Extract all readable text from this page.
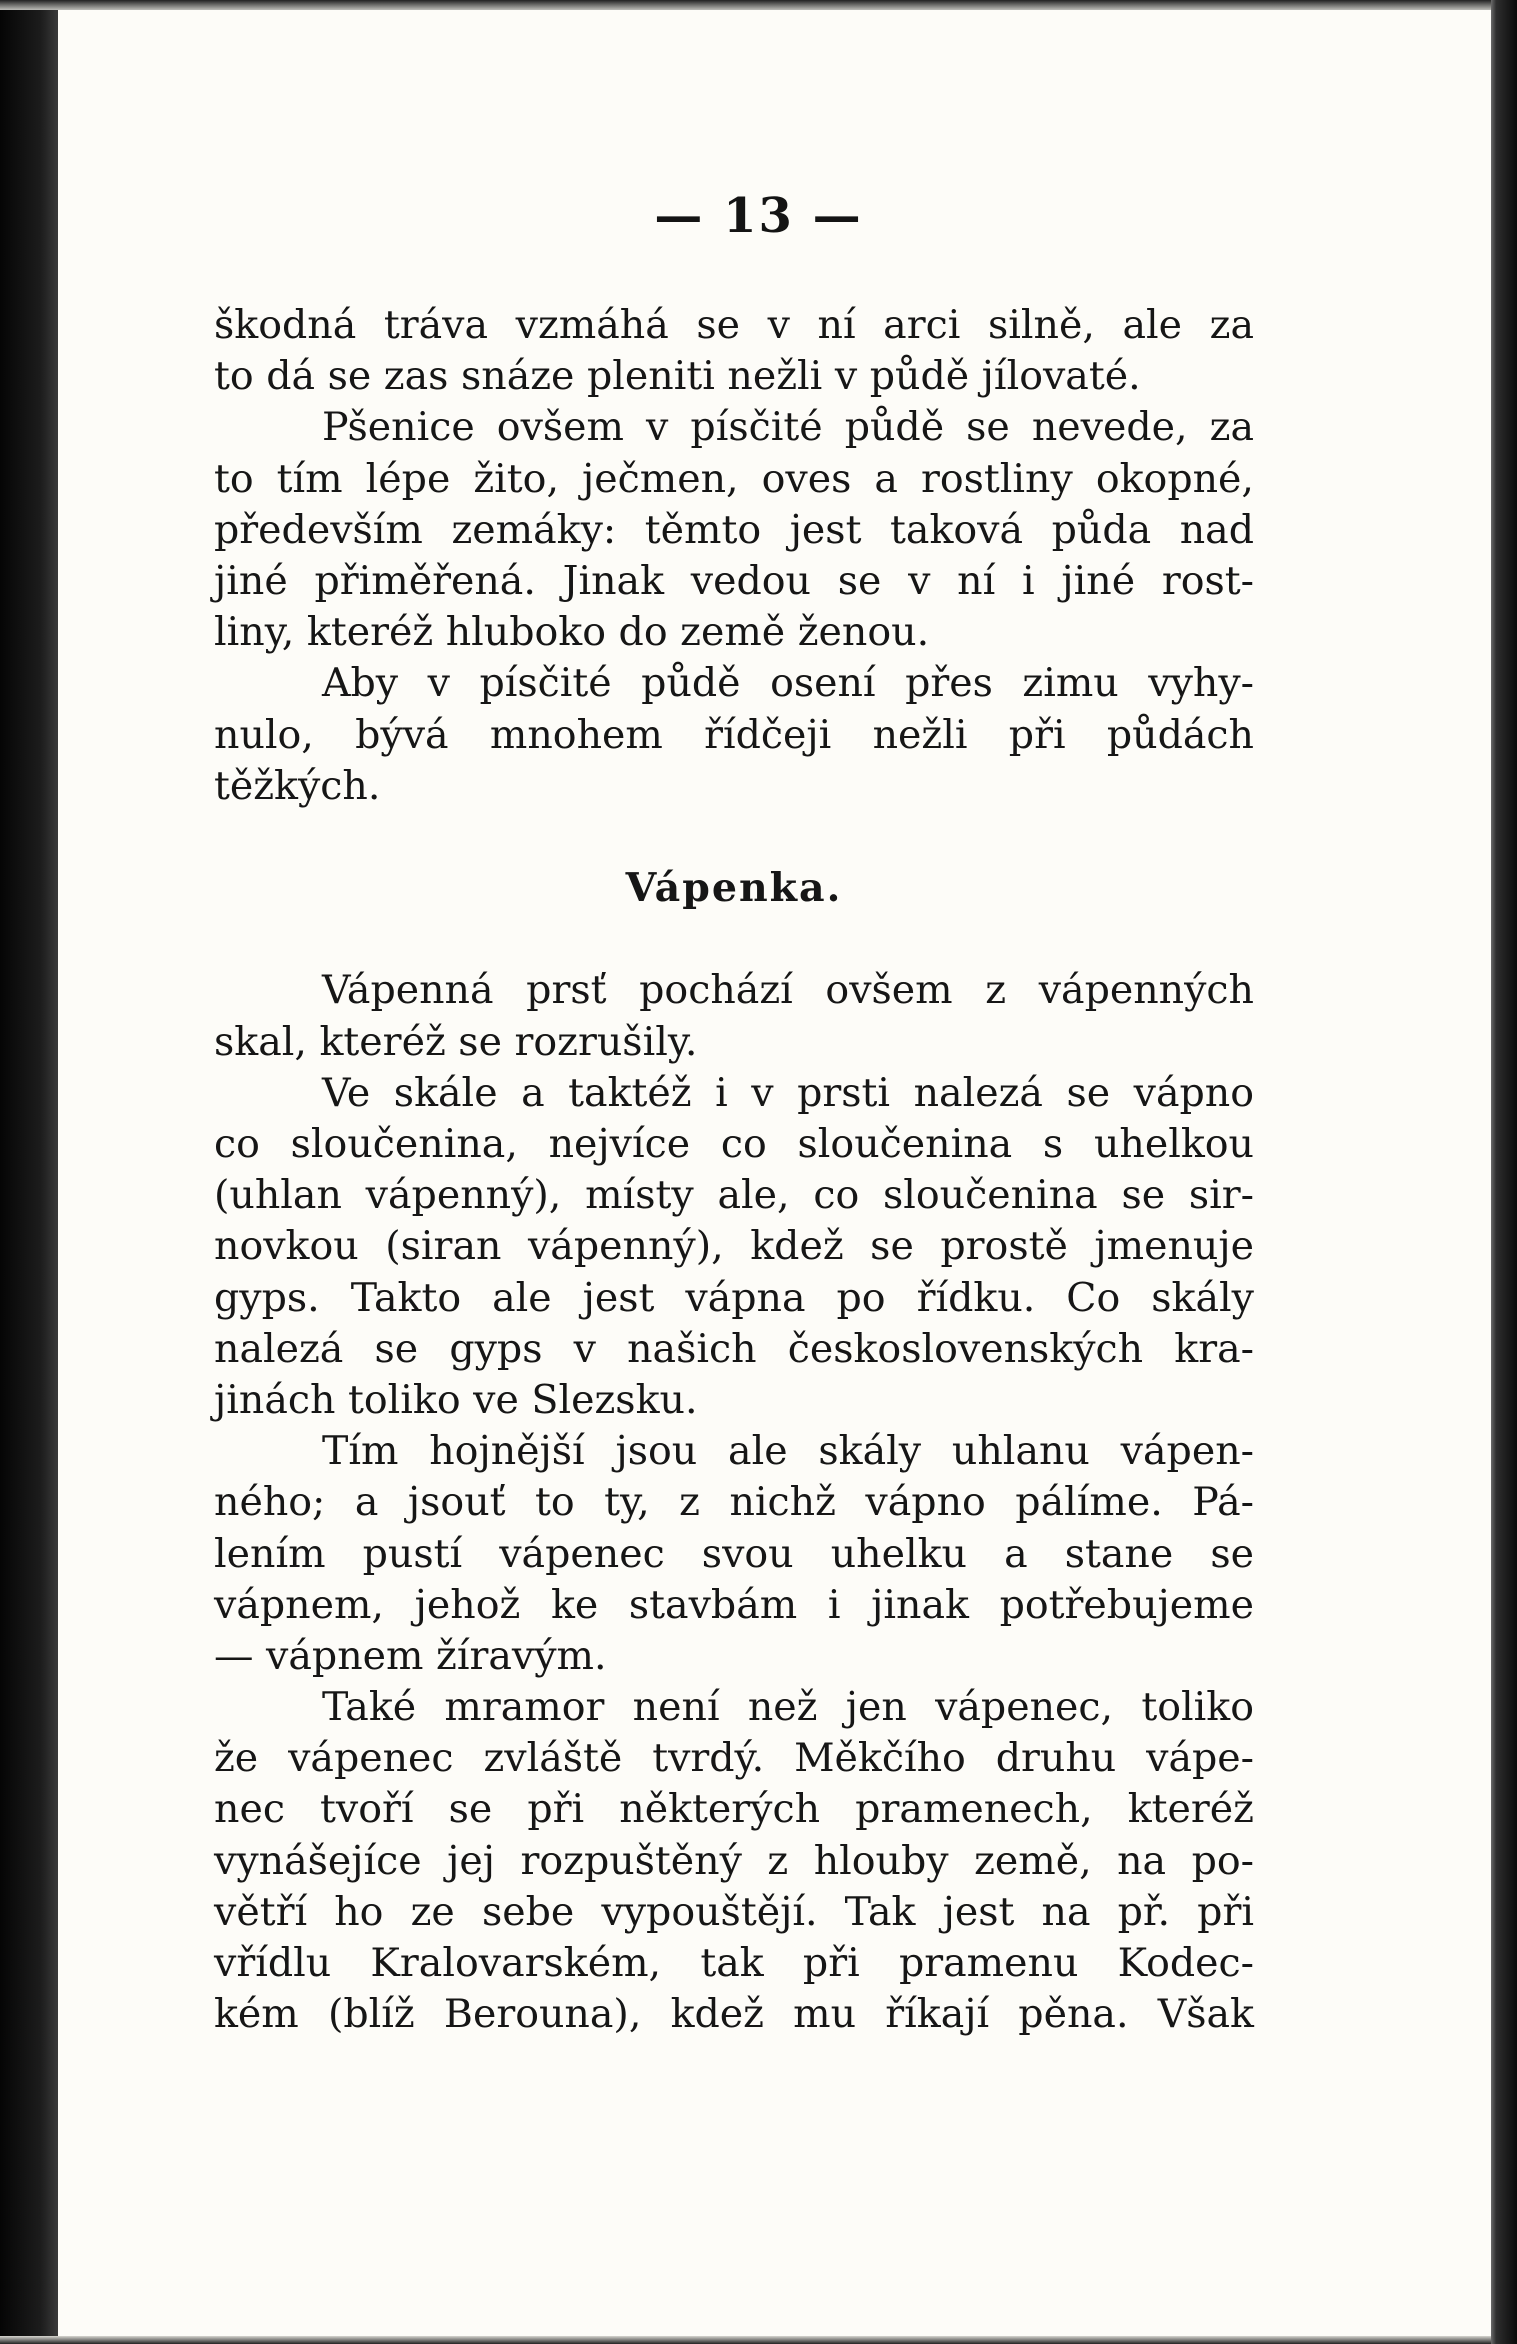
— 13 —
škodná tráva vzmáhá se v ní arci silně, ale za
to dá se zas snáze pleniti nežli v půdě jílovaté.
Pšenice ovšem v písčité půdě se nevede, za
to tím lépe žito, ječmen, oves a rostliny okopné,
především zemáky: těmto jest taková půda nad
jiné přiměřená. Jinak vedou se v ní i jiné rost-
liny, kteréž hluboko do země ženou.
Aby v písčité půdě osení přes zimu vyhy-
nulo, bývá mnohem řídčeji nežli při půdách
těžkých.
Vápenka.
Vápenná prsť pochází ovšem z vápenných
skal, kteréž se rozrušily.
Ve skále a taktéž i v prsti nalezá se vápno
co sloučenina, nejvíce co sloučenina s uhelkou
(uhlan vápenný), místy ale, co sloučenina se sir-
novkou (siran vápenný), kdež se prostě jmenuje
gyps. Takto ale jest vápna po řídku. Co skály
nalezá se gyps v našich československých kra-
jinách toliko ve Slezsku.
Tím hojnější jsou ale skály uhlanu vápen-
ného; a jsouť to ty, z nichž vápno pálíme. Pá-
lením pustí vápenec svou uhelku a stane se
vápnem, jehož ke stavbám i jinak potřebujeme
— vápnem žíravým.
Také mramor není než jen vápenec, toliko
že vápenec zvláště tvrdý. Měkčího druhu vápe-
nec tvoří se při některých pramenech, kteréž
vynášejíce jej rozpuštěný z hlouby země, na po-
větří ho ze sebe vypouštějí. Tak jest na př. při
vřídlu Kralovarském, tak při pramenu Kodec-
kém (blíž Berouna), kdež mu říkají pěna. Však
